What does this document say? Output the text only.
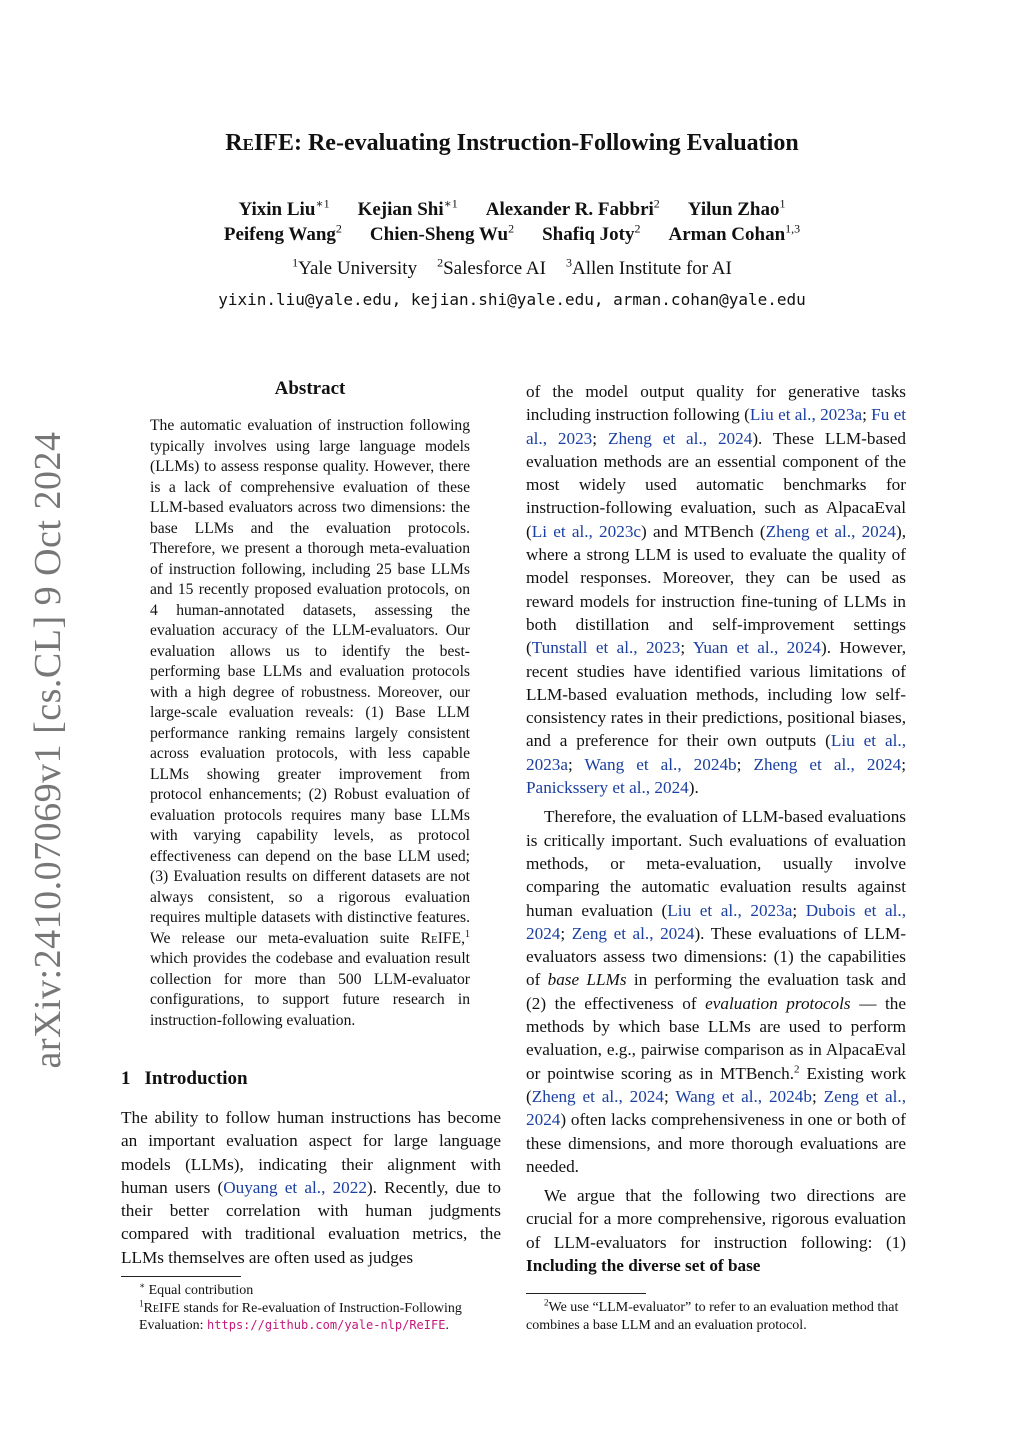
arXiv:2410.07069v1 [cs.CL] 9 Oct 2024
ReIFE: Re-evaluating Instruction-Following Evaluation
Yixin Liu$^{∗1}$ Kejian Shi$^{∗1}$ Alexander R. Fabbri$^2$ Yilun Zhao$^1$
Peifeng Wang$^2$ Chien-Sheng Wu$^2$ Shafiq Joty$^2$ Arman Cohan$^{1,3}$
$^1$Yale University $^2$Salesforce AI $^3$Allen Institute for AI
yixin.liu@yale.edu, kejian.shi@yale.edu, arman.cohan@yale.edu
Abstract
The automatic evaluation of instruction following typically involves using large language models (LLMs) to assess response quality. However, there is a lack of comprehensive evaluation of these LLM-based evaluators across two dimensions: the base LLMs and the evaluation protocols. Therefore, we present a thorough meta-evaluation of instruction following, including 25 base LLMs and 15 recently proposed evaluation protocols, on 4 human-annotated datasets, assessing the evaluation accuracy of the LLM-evaluators. Our evaluation allows us to identify the best-performing base LLMs and evaluation protocols with a high degree of robustness. Moreover, our large-scale evaluation reveals: (1) Base LLM performance ranking remains largely consistent across evaluation protocols, with less capable LLMs showing greater improvement from protocol enhancements; (2) Robust evaluation of evaluation protocols requires many base LLMs with varying capability levels, as protocol effectiveness can depend on the base LLM used; (3) Evaluation results on different datasets are not always consistent, so a rigorous evaluation requires multiple datasets with distinctive features. We release our meta-evaluation suite ReIFE,$^1$ which provides the codebase and evaluation result collection for more than 500 LLM-evaluator configurations, to support future research in instruction-following evaluation.
1 Introduction

The ability to follow human instructions has become an important evaluation aspect for large language models (LLMs), indicating their alignment with human users (Ouyang et al., 2022). Recently, due to their better correlation with human judgments compared with traditional evaluation metrics, the LLMs themselves are often used as judges

of the model output quality for generative tasks including instruction following (Liu et al., 2023a; Fu et al., 2023; Zheng et al., 2024). These LLM-based evaluation methods are an essential component of the most widely used automatic benchmarks for instruction-following evaluation, such as AlpacaEval (Li et al., 2023c) and MTBench (Zheng et al., 2024), where a strong LLM is used to evaluate the quality of model responses. Moreover, they can be used as reward models for instruction fine-tuning of LLMs in both distillation and self-improvement settings (Tunstall et al., 2023; Yuan et al., 2024). However, recent studies have identified various limitations of LLM-based evaluation methods, including low self-consistency rates in their predictions, positional biases, and a preference for their own outputs (Liu et al., 2023a; Wang et al., 2024b; Zheng et al., 2024; Panickssery et al., 2024).

Therefore, the evaluation of LLM-based evaluations is critically important. Such evaluations of evaluation methods, or meta-evaluation, usually involve comparing the automatic evaluation results against human evaluation (Liu et al., 2023a; Dubois et al., 2024; Zeng et al., 2024). These evaluations of LLM-evaluators assess two dimensions: (1) the capabilities of base LLMs in performing the evaluation task and (2) the effectiveness of evaluation protocols — the methods by which base LLMs are used to perform evaluation, e.g., pairwise comparison as in AlpacaEval or pointwise scoring as in MTBench.$^2$ Existing work (Zheng et al., 2024; Wang et al., 2024b; Zeng et al., 2024) often lacks comprehensiveness in one or both of these dimensions, and more thorough evaluations are needed.

We argue that the following two directions are crucial for a more comprehensive, rigorous evaluation of LLM-evaluators for instruction following: (1) Including the diverse set of base

∗ Equal contribution
$^1$ReIFE stands for Re-evaluation of Instruction-Following Evaluation: https://github.com/yale-nlp/ReIFE.
$^2$We use “LLM-evaluator” to refer to an evaluation method that combines a base LLM and an evaluation protocol.
